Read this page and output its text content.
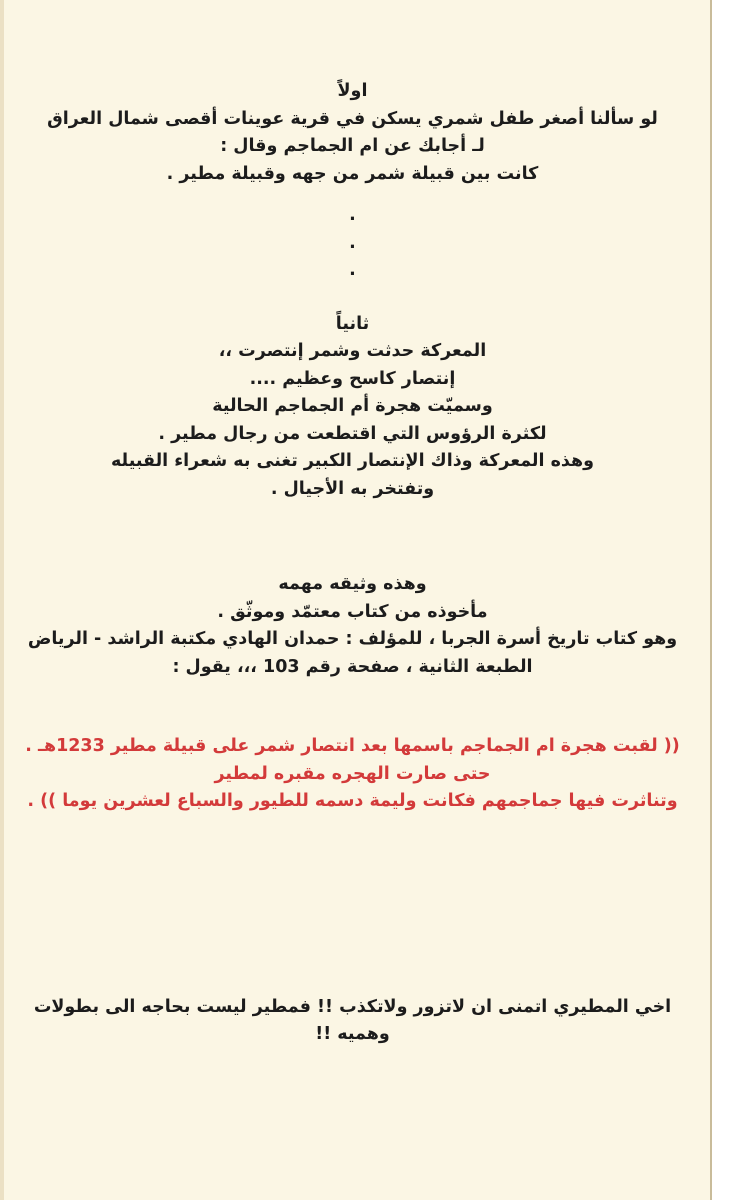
اولاً
لو سألنا أصغر طفل شمري يسكن في قرية عوينات أقصى شمال العراق
لـ أجابك عن ام الجماجم وقال :
كانت بين قبيلة شمر من جهه وقبيلة مطير .
.
.
.
ثانياً
المعركة حدثت وشمر إنتصرت ،،
إنتصار كاسح وعظيم ....
وسميّت هجرة أم الجماجم الحالية
لكثرة الرؤوس التي اقتطعت من رجال مطير .
وهذه المعركة وذاك الإنتصار الكبير تغنى به شعراء القبيله
وتفتخر به الأجيال .
وهذه وثيقه مهمه
مأخوذه من كتاب معتمّد وموثّق .
وهو كتاب تاريخ أسرة الجربا ، للمؤلف : حمدان الهادي مكتبة الراشد - الرياض
الطبعة الثانية ، صفحة رقم 103 ،،، يقول :
(( لقبت هجرة ام الجماجم باسمها بعد انتصار شمر على قبيلة مطير 1233هـ . حتى صارت الهجره مقبره لمطير
وتناثرت فيها جماجمهم فكانت وليمة دسمه للطيور والسباع لعشرين يوما )) .
اخي المطيري اتمنى ان لاتزور ولاتكذب !! فمطير ليست بحاجه الى بطولات وهميه !!
